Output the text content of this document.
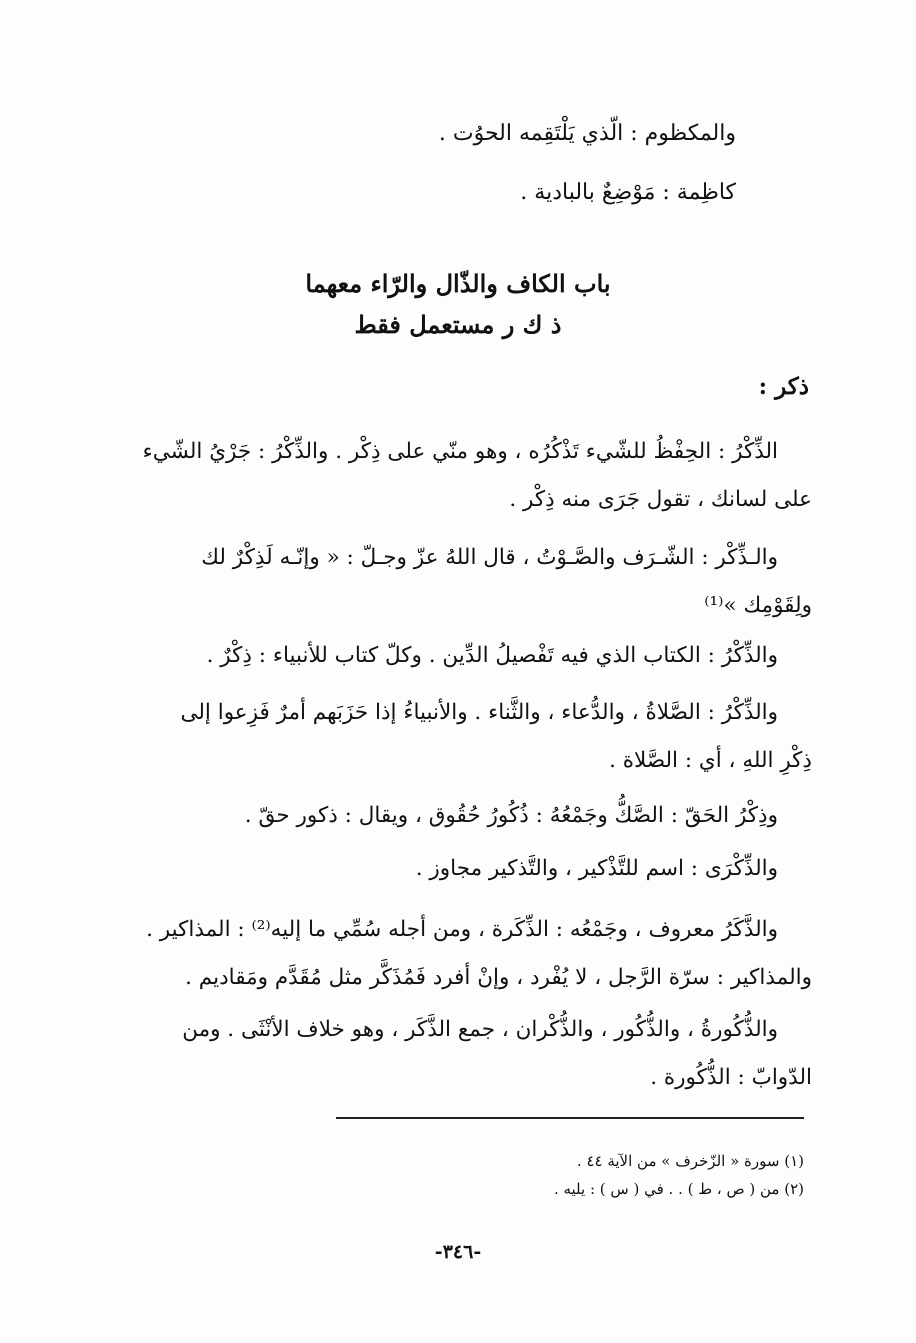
والمكظوم : الّذي يَلْتَقِمه الحوُت .
كاظِمة : مَوْضِعٌ بالبادية .
باب الكاف والذّال والرّاء معهما
ذ ك ر مستعمل فقط
ذكر :
الذِّكْرُ : الحِفْظُ للشّيء تَذْكُرُه ، وهو منّي على ذِكْر . والذِّكْرُ : جَرْيُ الشّيء
على لسانك ، تقول جَرَى منه ذِكْر .
والـذِّكْر : الشّـرَف والصَّـوْتُ ، قال اللهُ عزّ وجـلّ : « وإنّـه لَذِكْرٌ لك
ولِقَوْمِك »⁽¹⁾
والذِّكْرُ : الكتاب الذي فيه تَفْصيلُ الدِّين . وكلّ كتاب للأنبياء : ذِكْرٌ .
والذِّكْرُ : الصَّلاةُ ، والدُّعاء ، والثَّناء . والأنبياءُ إذا حَزَبَهم أمرٌ فَزِعوا إلى
ذِكْرِ اللهِ ، أي : الصَّلاة .
وذِكْرُ الحَقّ : الصَّكُّ وجَمْعُهُ : ذُكُورُ حُقُوق ، ويقال : ذكور حقّ .
والذِّكْرَى : اسم للتَّذْكير ، والتَّذكير مجاوز .
والذَّكَرُ معروف ، وجَمْعُه : الذِّكَرة ، ومن أجله سُمِّي ما إليه⁽²⁾ : المذاكير .
والمذاكير : سرّة الرَّجل ، لا يُفْرد ، وإنْ أفرد فَمُذَكَّر مثل مُقَدَّم ومَقاديم .
والذُّكُورةُ ، والذُّكُور ، والذُّكْران ، جمع الذَّكَر ، وهو خلاف الأنْثَى . ومن
الدّوابّ : الذُّكُورة .
(١) سورة « الزّخرف » من الآية ٤٤ .
(٢) من ( ص ، ط ) . . في ( س ) : يليه .
-٣٤٦-
